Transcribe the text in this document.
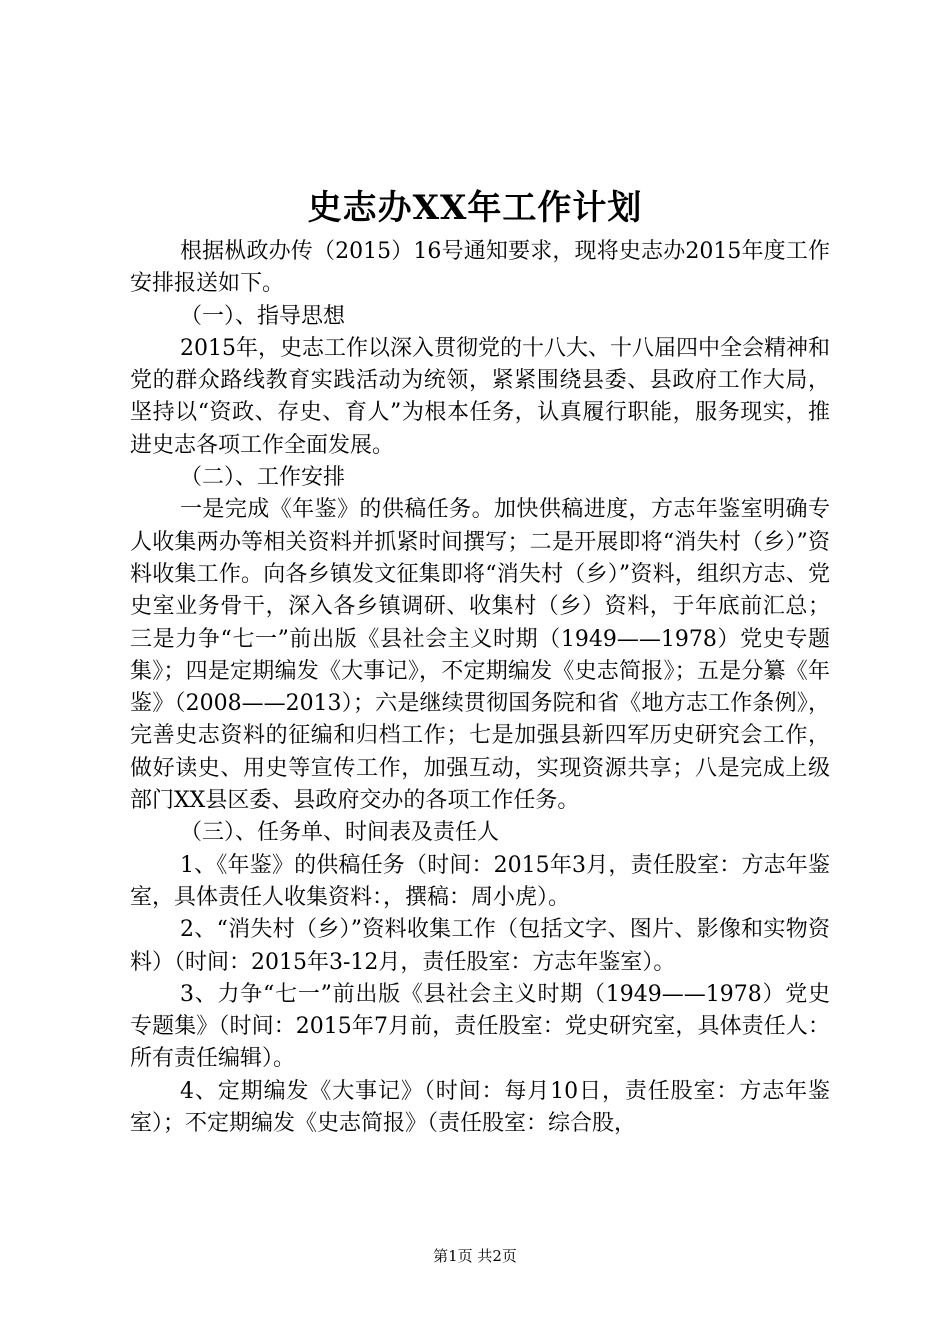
史志办XX年工作计划

根据枞政办传（2015）16号通知要求，现将史志办2015年度工作安排报送如下。

（一）、指导思想

2015年，史志工作以深入贯彻党的十八大、十八届四中全会精神和党的群众路线教育实践活动为统领，紧紧围绕县委、县政府工作大局，坚持以“资政、存史、育人”为根本任务，认真履行职能，服务现实，推进史志各项工作全面发展。

（二）、工作安排

一是完成《年鉴》的供稿任务。加快供稿进度，方志年鉴室明确专人收集两办等相关资料并抓紧时间撰写；二是开展即将“消失村（乡）”资料收集工作。向各乡镇发文征集即将“消失村（乡）”资料，组织方志、党史室业务骨干，深入各乡镇调研、收集村（乡）资料，于年底前汇总；三是力争“七一”前出版《县社会主义时期（1949——1978）党史专题集》；四是定期编发《大事记》，不定期编发《史志简报》；五是分纂《年鉴》（2008——2013）；六是继续贯彻国务院和省《地方志工作条例》，完善史志资料的征编和归档工作；七是加强县新四军历史研究会工作，做好读史、用史等宣传工作，加强互动，实现资源共享；八是完成上级部门XX县区委、县政府交办的各项工作任务。

（三）、任务单、时间表及责任人

1、《年鉴》的供稿任务（时间：2015年3月，责任股室：方志年鉴室，具体责任人收集资料：，撰稿：周小虎）。

2、“消失村（乡）”资料收集工作（包括文字、图片、影像和实物资料）（时间：2015年3-12月，责任股室：方志年鉴室）。

3、力争“七一”前出版《县社会主义时期（1949——1978）党史专题集》（时间：2015年7月前，责任股室：党史研究室，具体责任人：所有责任编辑）。

4、定期编发《大事记》（时间：每月10日，责任股室：方志年鉴室）；不定期编发《史志简报》（责任股室：综合股，

第1页 共2页
